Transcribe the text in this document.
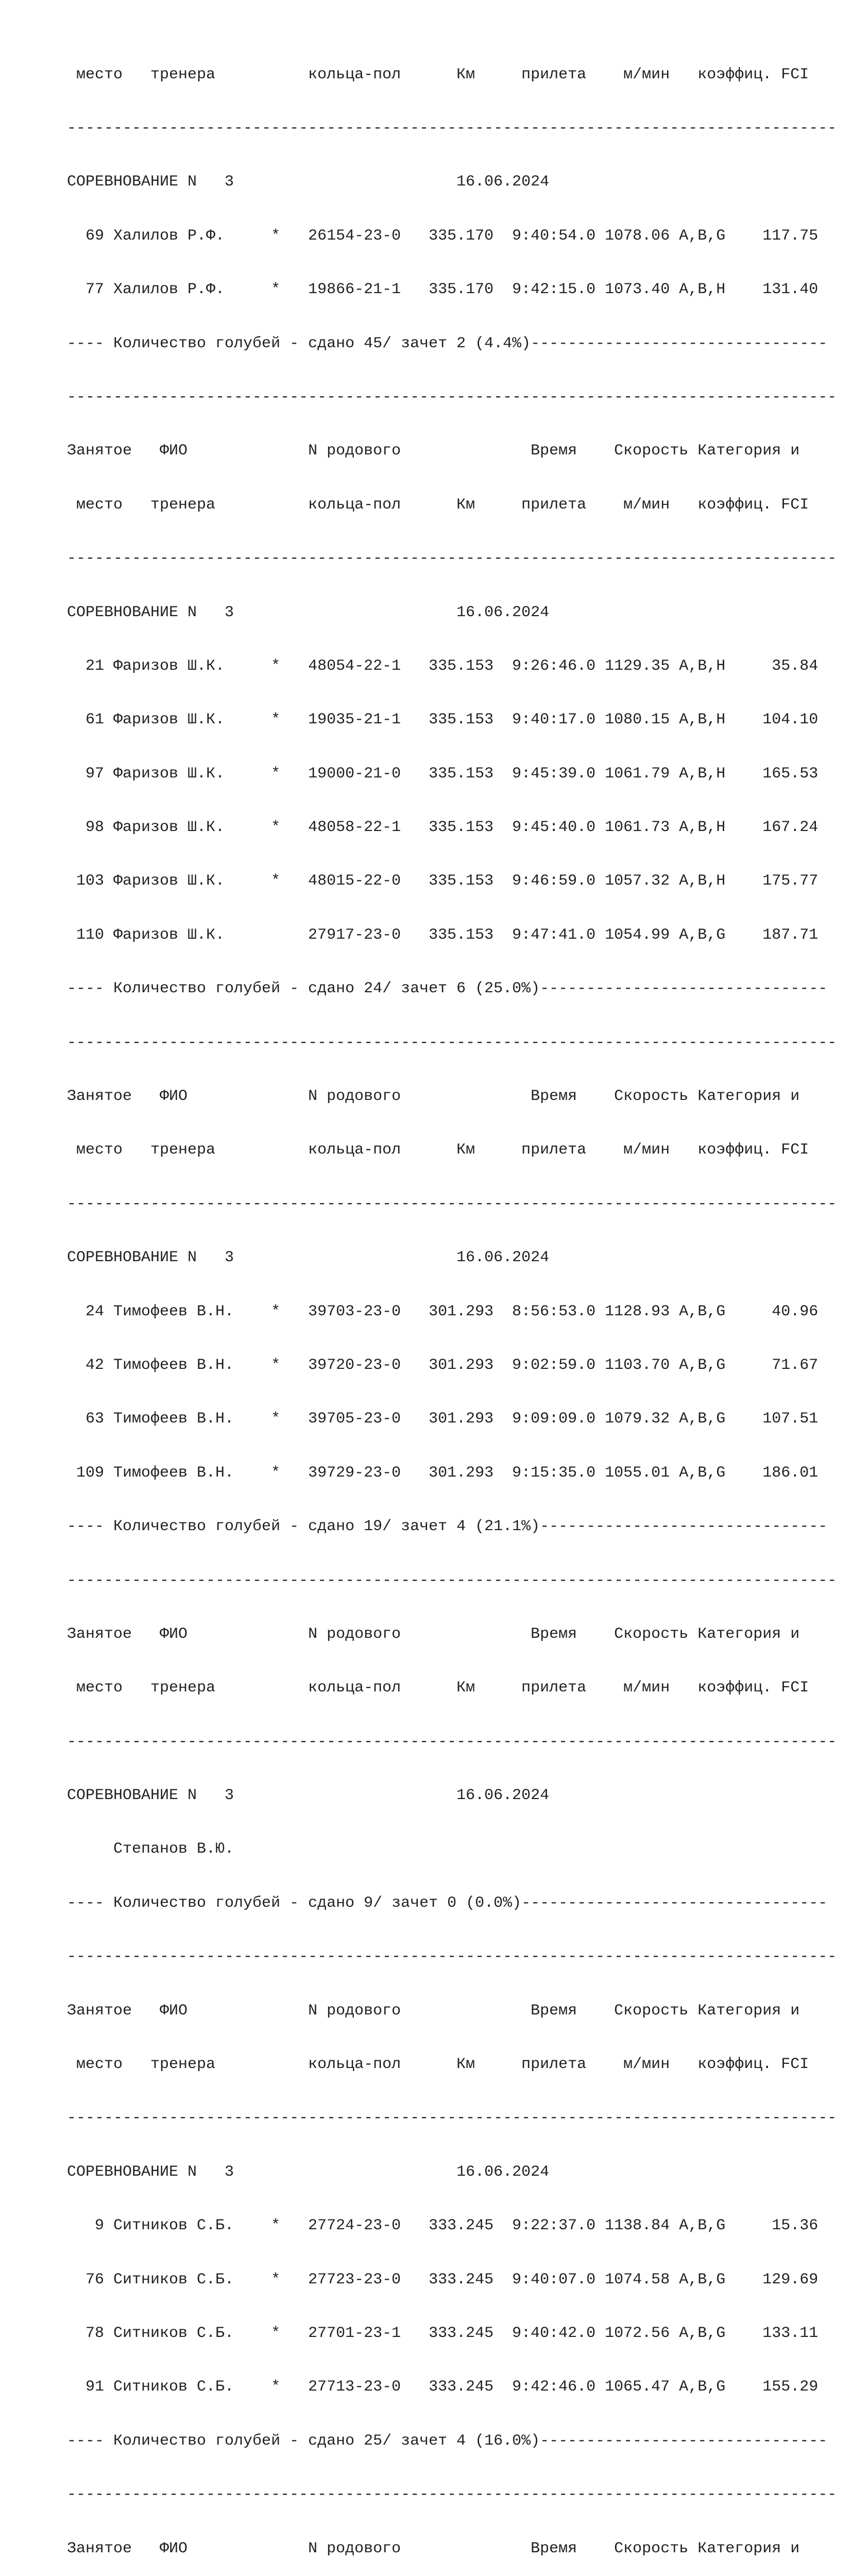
место   тренера          кольца-пол      Км     прилета    м/мин   коэффиц. FCI

-----------------------------------------------------------------------------------

СОРЕВНОВАНИЕ N   3                        16.06.2024

69 Халилов Р.Ф.     *   26154-23-0   335.170  9:40:54.0 1078.06 A,B,G    117.75

77 Халилов Р.Ф.     *   19866-21-1   335.170  9:42:15.0 1073.40 A,B,H    131.40

---- Количество голубей - сдано 45/ зачет 2 (4.4%)--------------------------------

-----------------------------------------------------------------------------------

Занятое   ФИО             N родового              Время    Скорость Категория и

место   тренера          кольца-пол      Км     прилета    м/мин   коэффиц. FCI

-----------------------------------------------------------------------------------

СОРЕВНОВАНИЕ N   3                        16.06.2024

21 Фаризов Ш.К.     *   48054-22-1   335.153  9:26:46.0 1129.35 A,B,H     35.84

61 Фаризов Ш.К.     *   19035-21-1   335.153  9:40:17.0 1080.15 A,B,H    104.10

97 Фаризов Ш.К.     *   19000-21-0   335.153  9:45:39.0 1061.79 A,B,H    165.53

98 Фаризов Ш.К.     *   48058-22-1   335.153  9:45:40.0 1061.73 A,B,H    167.24

103 Фаризов Ш.К.     *   48015-22-0   335.153  9:46:59.0 1057.32 A,B,H    175.77

110 Фаризов Ш.К.         27917-23-0   335.153  9:47:41.0 1054.99 A,B,G    187.71

---- Количество голубей - сдано 24/ зачет 6 (25.0%)-------------------------------

-----------------------------------------------------------------------------------

Занятое   ФИО             N родового              Время    Скорость Категория и

место   тренера          кольца-пол      Км     прилета    м/мин   коэффиц. FCI

-----------------------------------------------------------------------------------

СОРЕВНОВАНИЕ N   3                        16.06.2024

24 Тимофеев В.Н.    *   39703-23-0   301.293  8:56:53.0 1128.93 A,B,G     40.96

42 Тимофеев В.Н.    *   39720-23-0   301.293  9:02:59.0 1103.70 A,B,G     71.67

63 Тимофеев В.Н.    *   39705-23-0   301.293  9:09:09.0 1079.32 A,B,G    107.51

109 Тимофеев В.Н.    *   39729-23-0   301.293  9:15:35.0 1055.01 A,B,G    186.01

---- Количество голубей - сдано 19/ зачет 4 (21.1%)-------------------------------

-----------------------------------------------------------------------------------

Занятое   ФИО             N родового              Время    Скорость Категория и

место   тренера          кольца-пол      Км     прилета    м/мин   коэффиц. FCI

-----------------------------------------------------------------------------------

СОРЕВНОВАНИЕ N   3                        16.06.2024

Степанов В.Ю.

---- Количество голубей - сдано 9/ зачет 0 (0.0%)---------------------------------

-----------------------------------------------------------------------------------

Занятое   ФИО             N родового              Время    Скорость Категория и

место   тренера          кольца-пол      Км     прилета    м/мин   коэффиц. FCI

-----------------------------------------------------------------------------------

СОРЕВНОВАНИЕ N   3                        16.06.2024

9 Ситников С.Б.    *   27724-23-0   333.245  9:22:37.0 1138.84 A,B,G     15.36

76 Ситников С.Б.    *   27723-23-0   333.245  9:40:07.0 1074.58 A,B,G    129.69

78 Ситников С.Б.    *   27701-23-1   333.245  9:40:42.0 1072.56 A,B,G    133.11

91 Ситников С.Б.    *   27713-23-0   333.245  9:42:46.0 1065.47 A,B,G    155.29

---- Количество голубей - сдано 25/ зачет 4 (16.0%)-------------------------------

-----------------------------------------------------------------------------------

Занятое   ФИО             N родового              Время    Скорость Категория и
